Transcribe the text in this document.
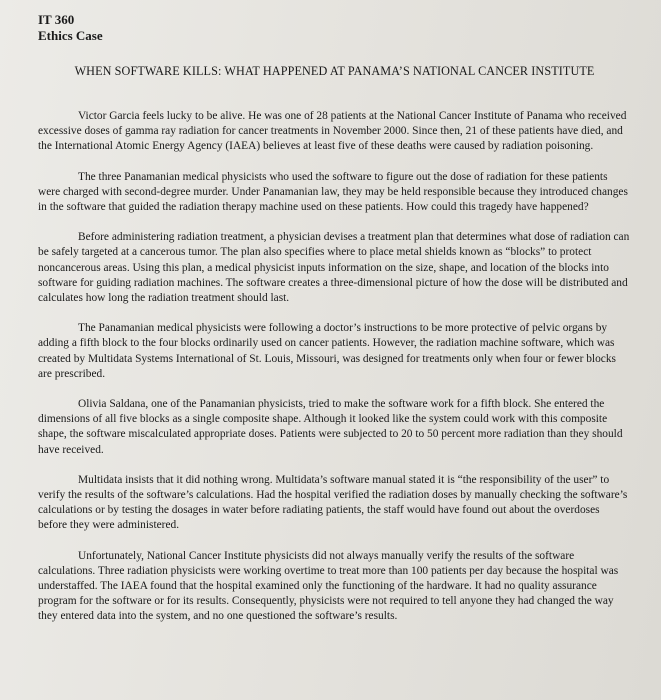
IT 360
Ethics Case
WHEN SOFTWARE KILLS: WHAT HAPPENED AT PANAMA’S NATIONAL CANCER INSTITUTE

Victor Garcia feels lucky to be alive. He was one of 28 patients at the National Cancer Institute of Panama who received excessive doses of gamma ray radiation for cancer treatments in November 2000. Since then, 21 of these patients have died, and the International Atomic Energy Agency (IAEA) believes at least five of these deaths were caused by radiation poisoning.

The three Panamanian medical physicists who used the software to figure out the dose of radiation for these patients were charged with second-degree murder. Under Panamanian law, they may be held responsible because they introduced changes in the software that guided the radiation therapy machine used on these patients. How could this tragedy have happened?

Before administering radiation treatment, a physician devises a treatment plan that determines what dose of radiation can be safely targeted at a cancerous tumor. The plan also specifies where to place metal shields known as “blocks” to protect noncancerous areas. Using this plan, a medical physicist inputs information on the size, shape, and location of the blocks into software for guiding radiation machines. The software creates a three-dimensional picture of how the dose will be distributed and calculates how long the radiation treatment should last.

The Panamanian medical physicists were following a doctor’s instructions to be more protective of pelvic organs by adding a fifth block to the four blocks ordinarily used on cancer patients. However, the radiation machine software, which was created by Multidata Systems International of St. Louis, Missouri, was designed for treatments only when four or fewer blocks are prescribed.

Olivia Saldana, one of the Panamanian physicists, tried to make the software work for a fifth block. She entered the dimensions of all five blocks as a single composite shape. Although it looked like the system could work with this composite shape, the software miscalculated appropriate doses. Patients were subjected to 20 to 50 percent more radiation than they should have received.

Multidata insists that it did nothing wrong. Multidata’s software manual stated it is “the responsibility of the user” to verify the results of the software’s calculations. Had the hospital verified the radiation doses by manually checking the software’s calculations or by testing the dosages in water before radiating patients, the staff would have found out about the overdoses before they were administered.

Unfortunately, National Cancer Institute physicists did not always manually verify the results of the software calculations. Three radiation physicists were working overtime to treat more than 100 patients per day because the hospital was understaffed. The IAEA found that the hospital examined only the functioning of the hardware. It had no quality assurance program for the software or for its results. Consequently, physicists were not required to tell anyone they had changed the way they entered data into the system, and no one questioned the software’s results.
